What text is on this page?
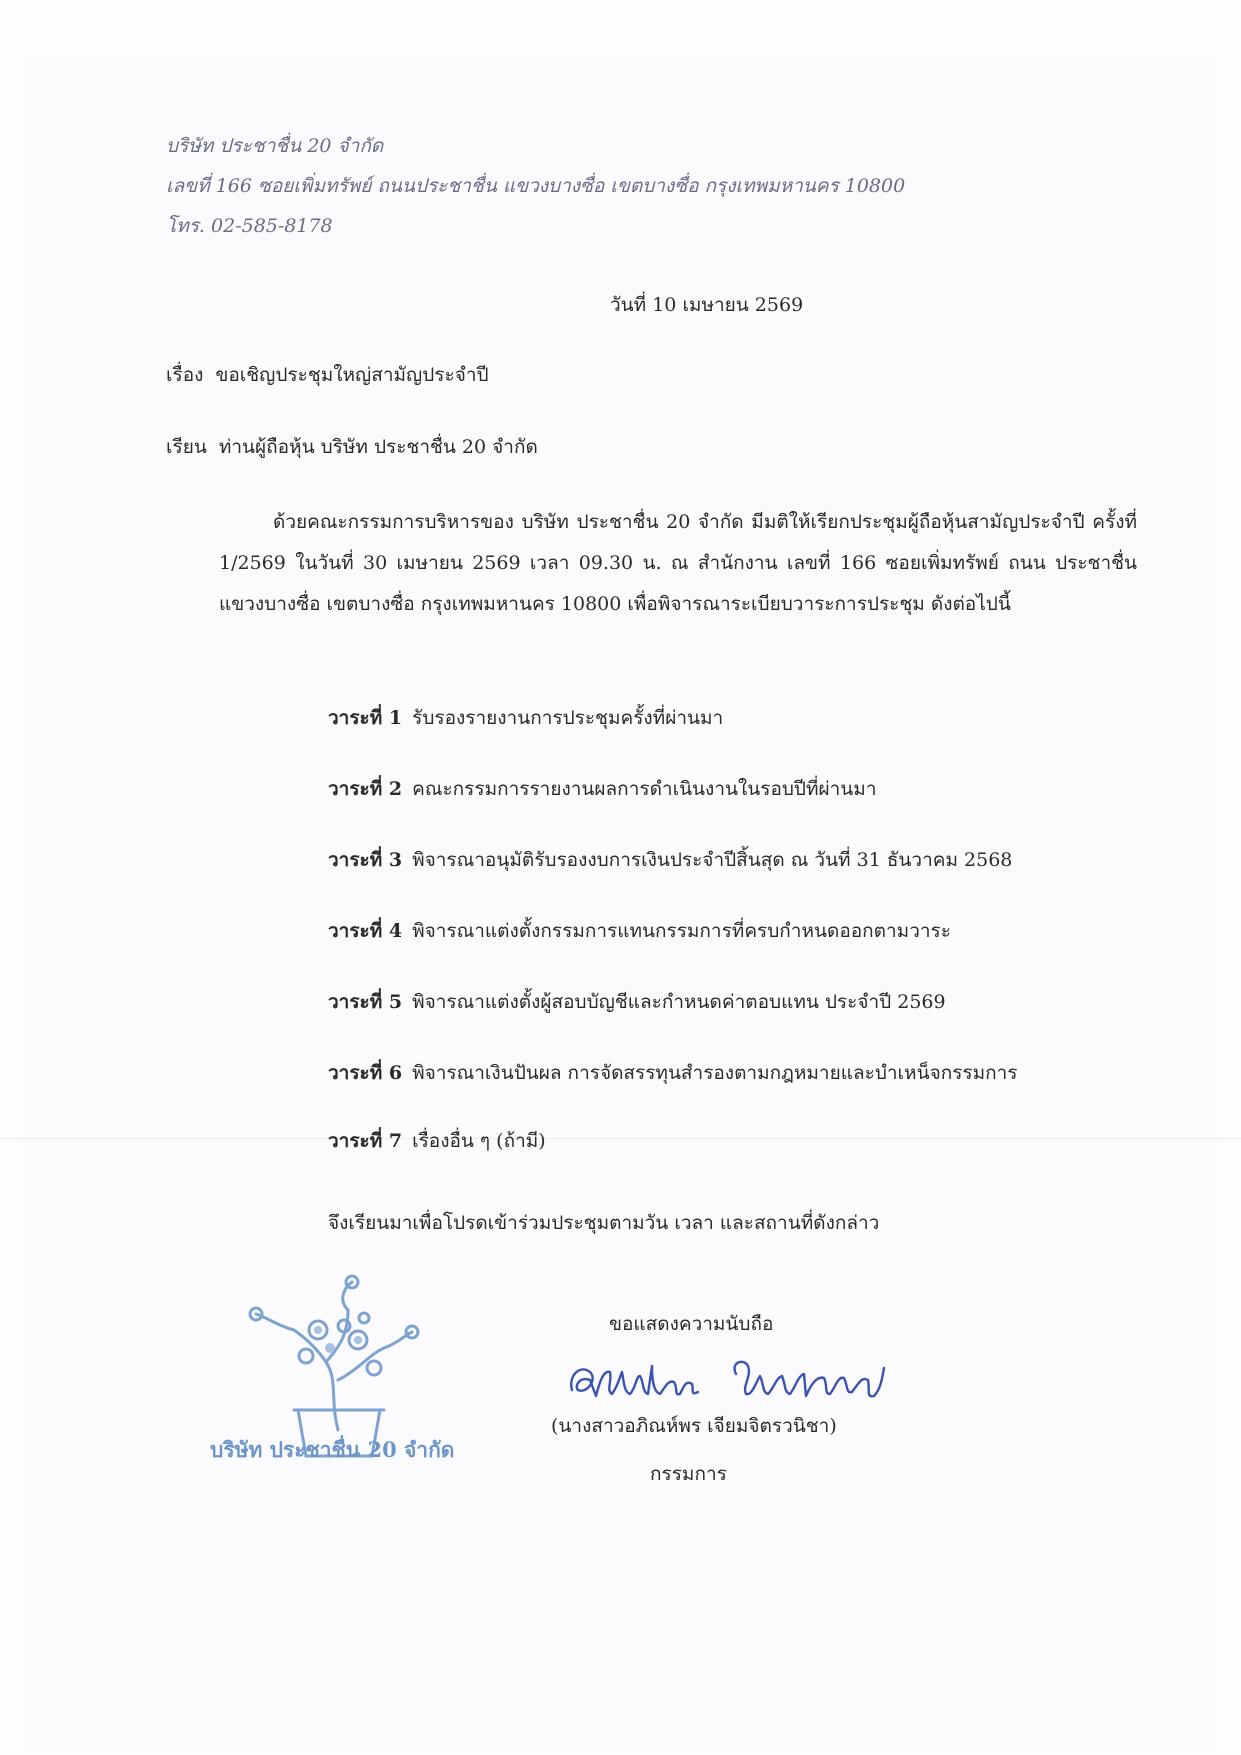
บริษัท ประชาชื่น 20 จำกัด
เลขที่ 166 ซอยเพิ่มทรัพย์ ถนนประชาชื่น แขวงบางซื่อ เขตบางซื่อ กรุงเทพมหานคร 10800
โทร. 02-585-8178
วันที่ 10 เมษายน 2569
เรื่อง ขอเชิญประชุมใหญ่สามัญประจำปี
เรียน ท่านผู้ถือหุ้น บริษัท ประชาชื่น 20 จำกัด
ด้วยคณะกรรมการบริหารของ บริษัท ประชาชื่น 20 จำกัด มีมติให้เรียกประชุมผู้ถือหุ้นสามัญประจำปี ครั้งที่ 1/2569 ในวันที่ 30 เมษายน 2569 เวลา 09.30 น. ณ สำนักงาน เลขที่ 166 ซอยเพิ่มทรัพย์ ถนน ประชาชื่น แขวงบางซื่อ เขตบางซื่อ กรุงเทพมหานคร 10800 เพื่อพิจารณาระเบียบวาระการประชุม ดังต่อไปนี้
วาระที่ 1 รับรองรายงานการประชุมครั้งที่ผ่านมา
วาระที่ 2 คณะกรรมการรายงานผลการดำเนินงานในรอบปีที่ผ่านมา
วาระที่ 3 พิจารณาอนุมัติรับรองงบการเงินประจำปีสิ้นสุด ณ วันที่ 31 ธันวาคม 2568
วาระที่ 4 พิจารณาแต่งตั้งกรรมการแทนกรรมการที่ครบกำหนดออกตามวาระ
วาระที่ 5 พิจารณาแต่งตั้งผู้สอบบัญชีและกำหนดค่าตอบแทน ประจำปี 2569
วาระที่ 6 พิจารณาเงินปันผล การจัดสรรทุนสำรองตามกฎหมายและบำเหน็จกรรมการ
วาระที่ 7 เรื่องอื่น ๆ (ถ้ามี)
จึงเรียนมาเพื่อโปรดเข้าร่วมประชุมตามวัน เวลา และสถานที่ดังกล่าว
บริษัท ประชาชื่น 20 จำกัด
ขอแสดงความนับถือ
(นางสาวอภิณห์พร เจียมจิตรวนิชา)
กรรมการ
